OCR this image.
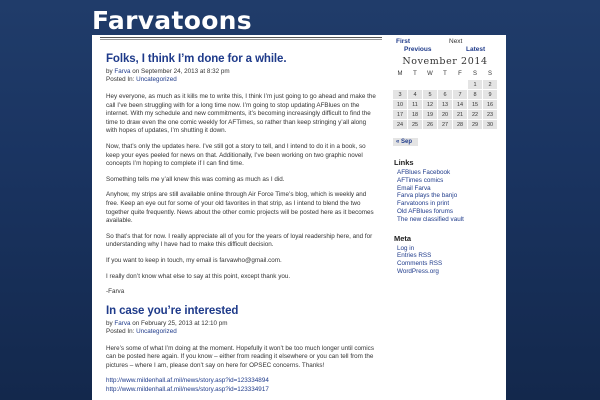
Farvatoons
Folks, I think I’m done for a while.
by Farva on September 24, 2013 at 8:32 pm
Posted In: Uncategorized

Hey everyone, as much as it kills me to write this, I think I’m just going to go ahead and make the call I’ve been struggling with for a long time now. I’m going to stop updating AFBlues on the internet. With my schedule and new commitments, it’s becoming increasingly difficult to find the time to draw even the one comic weekly for AFTimes, so rather than keep stringing y’all along with hopes of updates, I’m shutting it down.

Now, that’s only the updates here. I’ve still got a story to tell, and I intend to do it in a book, so keep your eyes peeled for news on that. Additionally, I’ve been working on two graphic novel concepts I’m hoping to complete if I can find time.

Something tells me y’all knew this was coming as much as I did.

Anyhow, my strips are still available online through Air Force Time’s blog, which is weekly and free. Keep an eye out for some of your old favorites in that strip, as I intend to blend the two together quite frequently. News about the other comic projects will be posted here as it becomes available.

So that’s that for now. I really appreciate all of you for the years of loyal readership here, and for understanding why I have had to make this difficult decision.

If you want to keep in touch, my email is farvawho@gmail.com.

I really don’t know what else to say at this point, except thank you.

-Farva

In case you’re interested
by Farva on February 25, 2013 at 12:10 pm
Posted In: Uncategorized

Here’s some of what I’m doing at the moment. Hopefully it won’t be too much longer until comics can be posted here again. If you know – either from reading it elsewhere or you can tell from the pictures – where I am, please don’t say on here for OPSEC concerns. Thanks!

http://www.mildenhall.af.mil/news/story.asp?id=123334894
http://www.mildenhall.af.mil/news/story.asp?id=123334917
First	Next
Previous	Latest
November 2014
M	T	W	T	F	S	S
					1	2
3	4	5	6	7	8	9
10	11	12	13	14	15	16
17	18	19	20	21	22	23
24	25	26	27	28	29	30
« Sep
Links
AFBlues Facebook
AFTimes comics
Email Farva
Farva plays the banjo
Farvatoons in print
Old AFBlues forums
The new classified vault
Meta
Log in
Entries RSS
Comments RSS
WordPress.org
